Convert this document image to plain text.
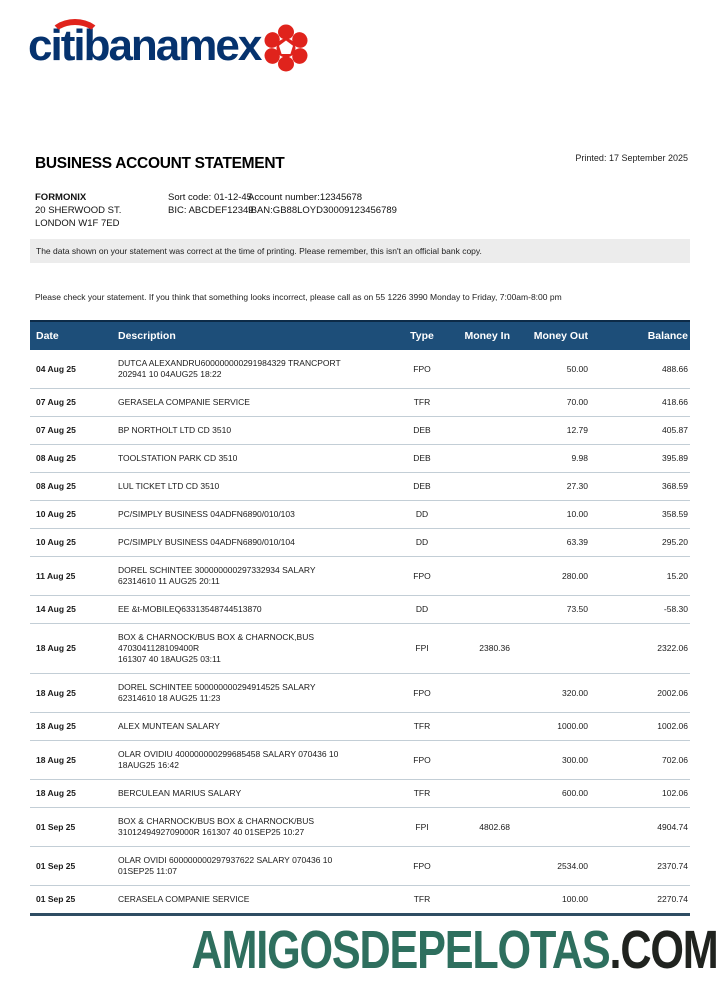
citibanamex
BUSINESS ACCOUNT STATEMENT	Printed: 17 September 2025
FORMONIX
20 SHERWOOD ST.
LONDON W1F 7ED
Sort code: 01-12-45
BIC: ABCDEF12349
Account number:12345678
IBAN:GB88LOYD30009123456789
The data shown on your statement was correct at the time of printing. Please remember, this isn't an official bank copy.
Please check your statement. If you think that something looks incorrect, please call as on 55 1226 3990 Monday to Friday, 7:00am-8:00 pm
Date	Description	Type	Money In	Money Out	Balance
04 Aug 25	DUTCA ALEXANDRU600000000291984329 TRANCPORT
202941 10 04AUG25 18:22	FPO		50.00	488.66
07 Aug 25	GERASELA COMPANIE SERVICE	TFR		70.00	418.66
07 Aug 25	BP NORTHOLT LTD CD 3510	DEB		12.79	405.87
08 Aug 25	TOOLSTATION PARK CD 3510	DEB		9.98	395.89
08 Aug 25	LUL TICKET LTD CD 3510	DEB		27.30	368.59
10 Aug 25	PC/SIMPLY BUSINESS 04ADFN6890/010/103	DD		10.00	358.59
10 Aug 25	PC/SIMPLY BUSINESS 04ADFN6890/010/104	DD		63.39	295.20
11 Aug 25	DOREL SCHINTEE 300000000297332934 SALARY
62314610 11 AUG25 20:11	FPO		280.00	15.20
14 Aug 25	EE &t-MOBILEQ63313548744513870	DD		73.50	-58.30
18 Aug 25	BOX & CHARNOCK/BUS BOX & CHARNOCK,BUS 4703041128109400R
161307 40 18AUG25 03:11	FPI	2380.36		2322.06
18 Aug 25	DOREL SCHINTEE 500000000294914525 SALARY
62314610 18 AUG25 11:23	FPO		320.00	2002.06
18 Aug 25	ALEX MUNTEAN SALARY	TFR		1000.00	1002.06
18 Aug 25	OLAR OVIDIU 400000000299685458 SALARY 070436 10
18AUG25 16:42	FPO		300.00	702.06
18 Aug 25	BERCULEAN MARIUS SALARY	TFR		600.00	102.06
01 Sep 25	BOX & CHARNOCK/BUS BOX & CHARNOCK/BUS
3101249492709000R 161307 40 01SEP25 10:27	FPI	4802.68		4904.74
01 Sep 25	OLAR OVIDI 600000000297937622 SALARY 070436 10
01SEP25 11:07	FPO		2534.00	2370.74
01 Sep 25	CERASELA COMPANIE SERVICE	TFR		100.00	2270.74
AMIGOSDEPELOTAS.COM
